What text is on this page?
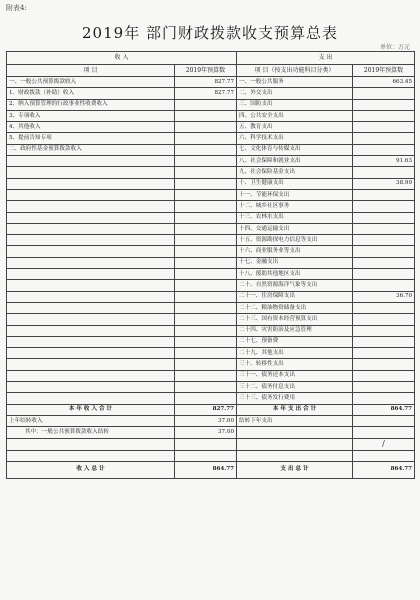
附表4:
2019年 部门财政拨款收支预算总表
单位：万元
收 入		支 出	
项 目	2019年预算数	项 目（按支出功能科目分类）	2019年预算数
一、一般公共预算拨款收入	827.77	一、一般公共服务	663.45
1、财政拨款（补助）收入	827.77	二、外交支出	
2、纳入预算管理的行政事业性收费收入		三、国防支出	
3、专项收入		四、公共安全支出	
4、其他收入		五、教育支出	
5、提前告知专项		六、科学技术支出	
二、政府性基金预算拨款收入		七、文化体育与传媒支出	
		八、社会保障和就业支出	91.63
		九、社会保险基金支出	
		十、卫生健康支出	38.99
		十一、节能环保支出	
		十二、城乡社区事务	
		十三、农林水支出	
		十四、交通运输支出	
		十五、资源勘探电力信息等支出	
		十六、商业服务业等支出	
		十七、金融支出	
		十八、援助其他地区支出	
		二十、自然资源海洋气象等支出	
		二十一、住房保障支出	36.70
		二十二、粮油物资储备支出	
		二十三、国有资本经营预算支出	
		二十四、灾害防治及应急管理	
		二十七、预备费	
		二十九、其他支出	
		三十、转移性支出	
		三十一、债务还本支出	
		三十二、债务付息支出	
		三十三、债务发行费用	
本 年 收 入 合 计	827.77	本 年 支 出 合 计	864.77
上年结转收入	37.00	结转下年支出	
其中：一般公共预算拨款收入结转	37.00		
			/

收 入 总 计	864.77	支 出 总 计	864.77
